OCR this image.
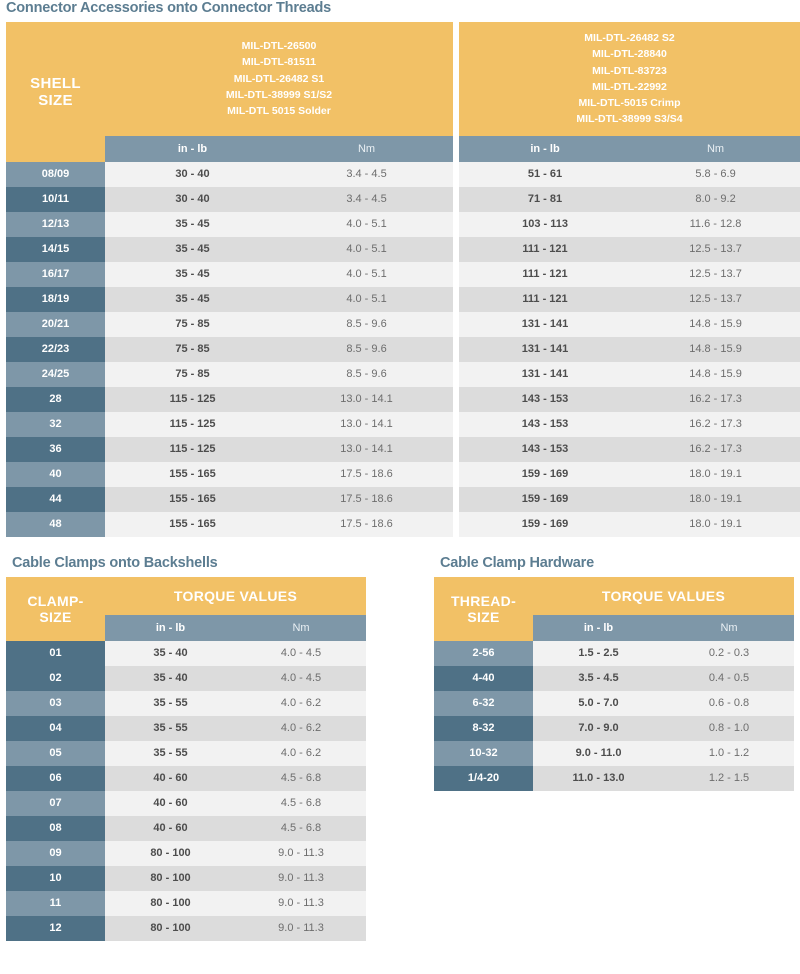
Connector Accessories onto Connector Threads
SHELL
SIZE	
MIL-DTL-26500
MIL-DTL-81511
MIL-DTL-26482 S1
MIL-DTL-38999 S1/S2
MIL-DTL 5015 Solder

MIL-DTL-26482 S2
MIL-DTL-28840
MIL-DTL-83723
MIL-DTL-22992
MIL-DTL-5015 Crimp
MIL-DTL-38999 S3/S4

	in - lb	Nm		in - lb	Nm
08/09	30 - 40	3.4 - 4.5		51 - 61	5.8 - 6.9
10/11	30 - 40	3.4 - 4.5		71 - 81	8.0 - 9.2
12/13	35 - 45	4.0 - 5.1		103 - 113	11.6 - 12.8
14/15	35 - 45	4.0 - 5.1		111 - 121	12.5 - 13.7
16/17	35 - 45	4.0 - 5.1		111 - 121	12.5 - 13.7
18/19	35 - 45	4.0 - 5.1		111 - 121	12.5 - 13.7
20/21	75 - 85	8.5 - 9.6		131 - 141	14.8 - 15.9
22/23	75 - 85	8.5 - 9.6		131 - 141	14.8 - 15.9
24/25	75 - 85	8.5 - 9.6		131 - 141	14.8 - 15.9
28	115 - 125	13.0 - 14.1		143 - 153	16.2 - 17.3
32	115 - 125	13.0 - 14.1		143 - 153	16.2 - 17.3
36	115 - 125	13.0 - 14.1		143 - 153	16.2 - 17.3
40	155 - 165	17.5 - 18.6		159 - 169	18.0 - 19.1
44	155 - 165	17.5 - 18.6		159 - 169	18.0 - 19.1
48	155 - 165	17.5 - 18.6		159 - 169	18.0 - 19.1
Cable Clamps onto Backshells
CLAMP-
SIZE	TORQUE VALUES	
	in - lb	Nm
01	35 - 40	4.0 - 4.5
02	35 - 40	4.0 - 4.5
03	35 - 55	4.0 - 6.2
04	35 - 55	4.0 - 6.2
05	35 - 55	4.0 - 6.2
06	40 - 60	4.5 - 6.8
07	40 - 60	4.5 - 6.8
08	40 - 60	4.5 - 6.8
09	80 - 100	9.0 - 11.3
10	80 - 100	9.0 - 11.3
11	80 - 100	9.0 - 11.3
12	80 - 100	9.0 - 11.3
Cable Clamp Hardware
THREAD-
SIZE	TORQUE VALUES	
	in - lb	Nm
2-56	1.5 - 2.5	0.2 - 0.3
4-40	3.5 - 4.5	0.4 - 0.5
6-32	5.0 - 7.0	0.6 - 0.8
8-32	7.0 - 9.0	0.8 - 1.0
10-32	9.0 - 11.0	1.0 - 1.2
1/4-20	11.0 - 13.0	1.2 - 1.5
